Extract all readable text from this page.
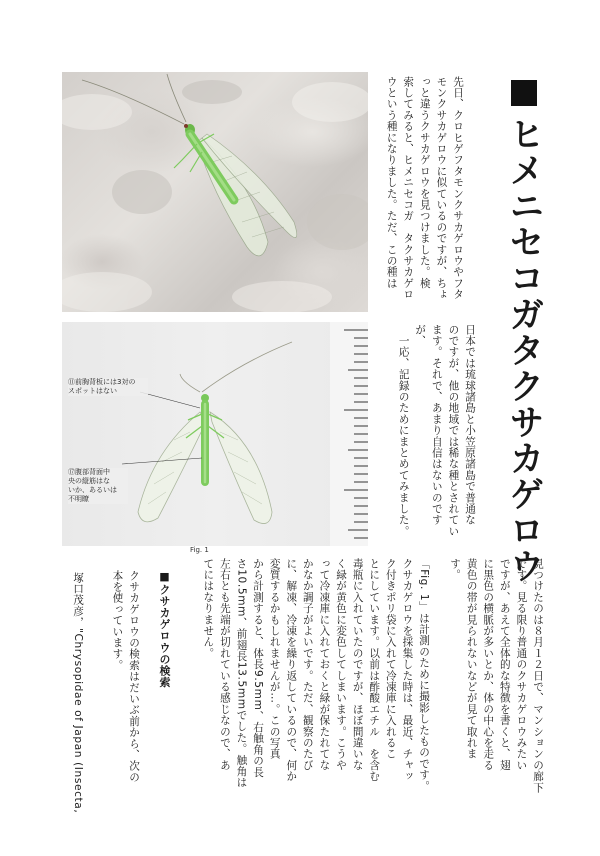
ヒメニセコガタクサカゲロウ
先日、クロヒゲフタモンクサカゲロウやフタ
モンクサカゲロウに似ているのですが、ちょ
っと違うクサカゲロウを見つけました。検
索してみると、ヒメニセコガ　タクサカゲロ
ウという種になりました。ただ、この種は
日本では琉球諸島と小笠原諸島で普通な
のですが、他の地域では稀な種とされてい
ます。それで、あまり自信はないのですが、
　一応、記録のためにまとめてみました。
見つけたのは８月１２日で、マンションの廊下
です。見る限り普通のクサカゲロウみたい
ですが、あえて全体的な特徴を書くと、翅
に黒色の横脈が多いとか、体の中心を走る
黄色の帯が見られないなどが見て取れま
す。
「Fig. 1」は計測のために撮影したものです。
クサカゲロウを採集した時は、最近、チャッ
ク付きポリ袋に入れて冷凍庫に入れるこ
とにしています。以前は酢酸エチル　を含む
毒瓶に入れていたのですが、ほぼ間違いな
く緑が黄色に変色してしまいます。こうや
って冷凍庫に入れておくと緑が保たれてな
かなか調子がよいです。ただ、観察のたび
に、解凍、冷凍を繰り返しているので、何か
変質するかもしれませんが…。この写真
から計測すると、体長9.5mm、右触角の長
さ10.5mm、前翅長13.5mmでした。触角は
左右とも先端が切れている感じなので、あ
てにはなりません。
■クサカゲロウの検索
クサカゲロウの検索はだいぶ前から、次の
本を使っています。
塚口茂彦，"Chrysopidae of Japan (Insecta,
⑪前胸背板には3対の
スポットはない
⑰腹部背面中
央の縦筋はな
いか、あるいは
不明瞭
Fig. 1
